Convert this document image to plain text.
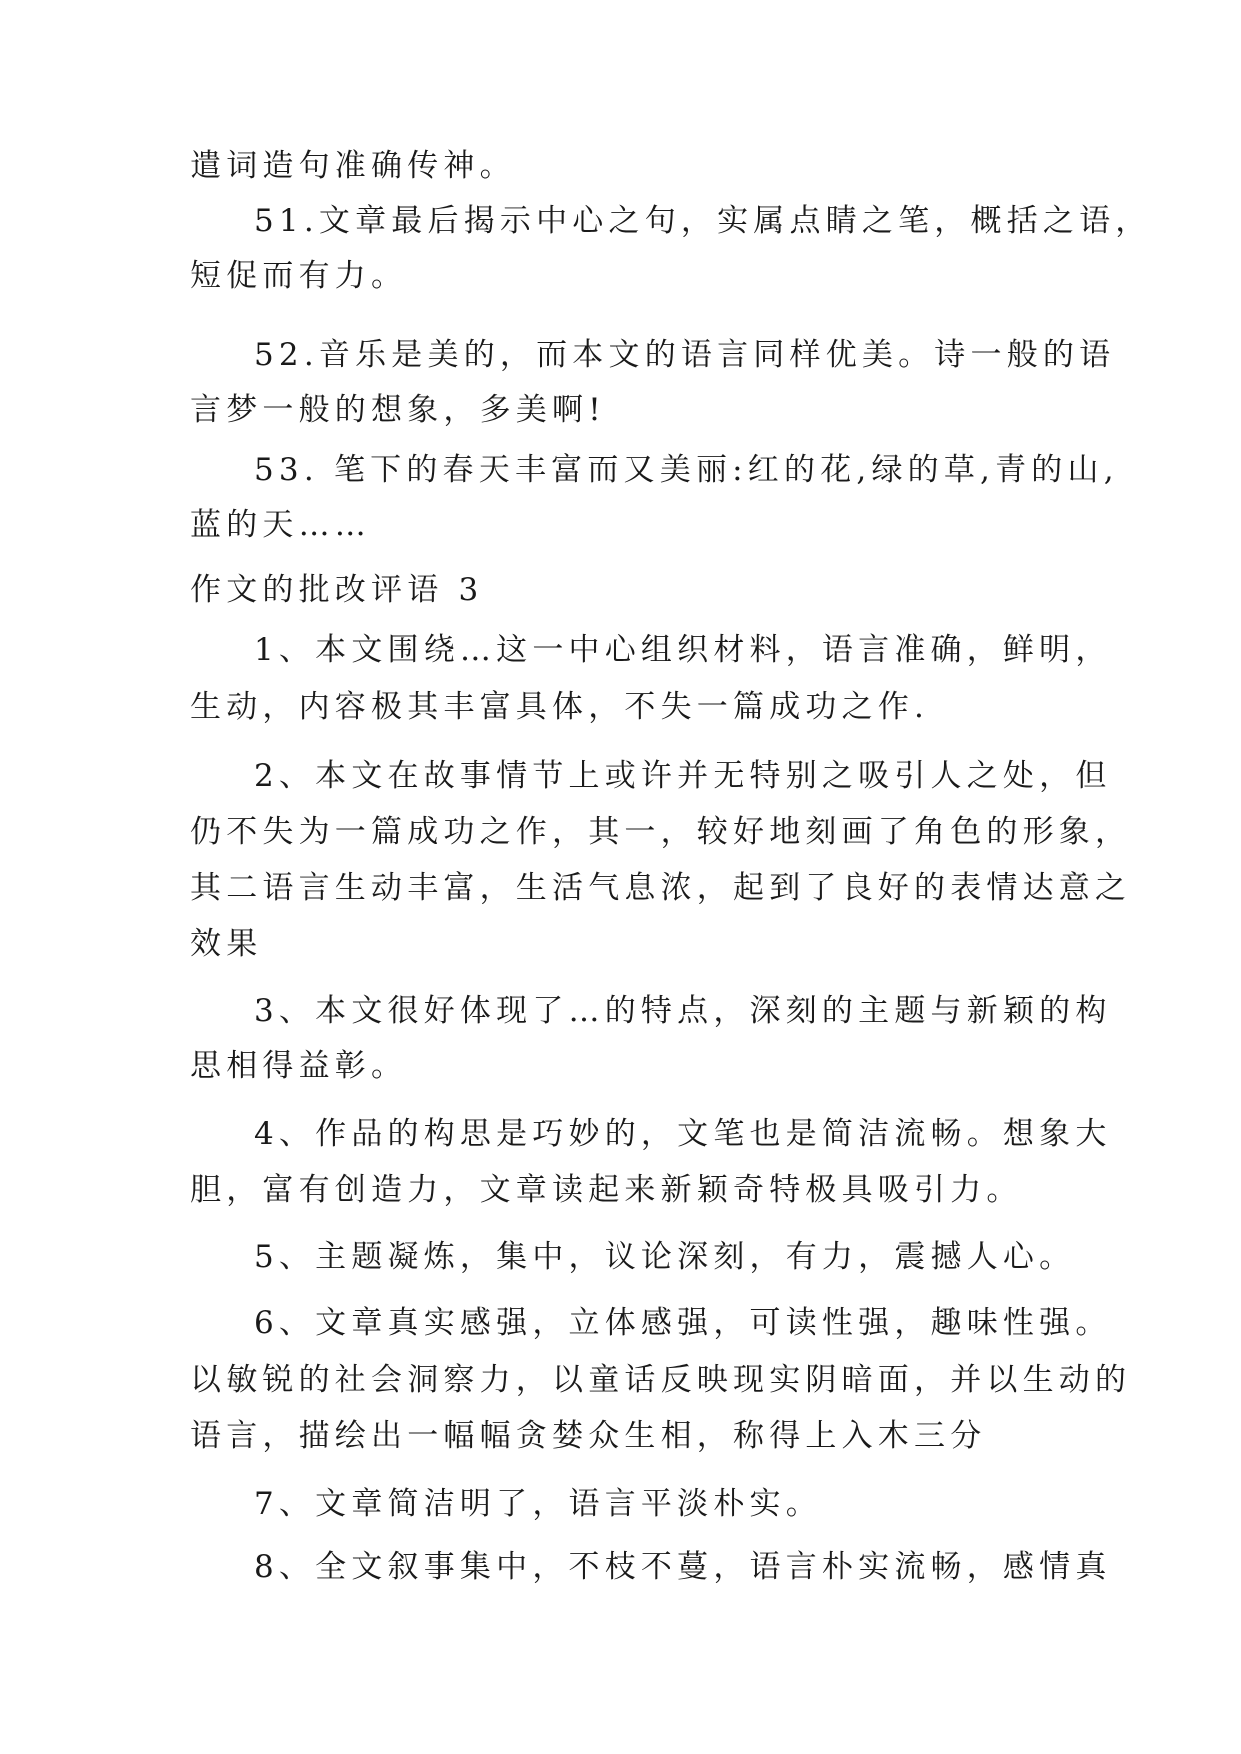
遣词造句准确传神。
51.文章最后揭示中心之句，实属点睛之笔，概括之语，
短促而有力。
52.音乐是美的，而本文的语言同样优美。诗一般的语
言梦一般的想象，多美啊!
53. 笔下的春天丰富而又美丽:红的花,绿的草,青的山,
蓝的天……
作文的批改评语 3
1、本文围绕…这一中心组织材料，语言准确，鲜明，
生动，内容极其丰富具体，不失一篇成功之作.
2、本文在故事情节上或许并无特别之吸引人之处，但
仍不失为一篇成功之作，其一，较好地刻画了角色的形象，
其二语言生动丰富，生活气息浓，起到了良好的表情达意之
效果
3、本文很好体现了…的特点，深刻的主题与新颖的构
思相得益彰。
4、作品的构思是巧妙的，文笔也是简洁流畅。想象大
胆，富有创造力，文章读起来新颖奇特极具吸引力。
5、主题凝炼，集中，议论深刻，有力，震撼人心。
6、文章真实感强，立体感强，可读性强，趣味性强。
以敏锐的社会洞察力，以童话反映现实阴暗面，并以生动的
语言，描绘出一幅幅贪婪众生相，称得上入木三分
7、文章简洁明了，语言平淡朴实。
8、全文叙事集中，不枝不蔓，语言朴实流畅，感情真
